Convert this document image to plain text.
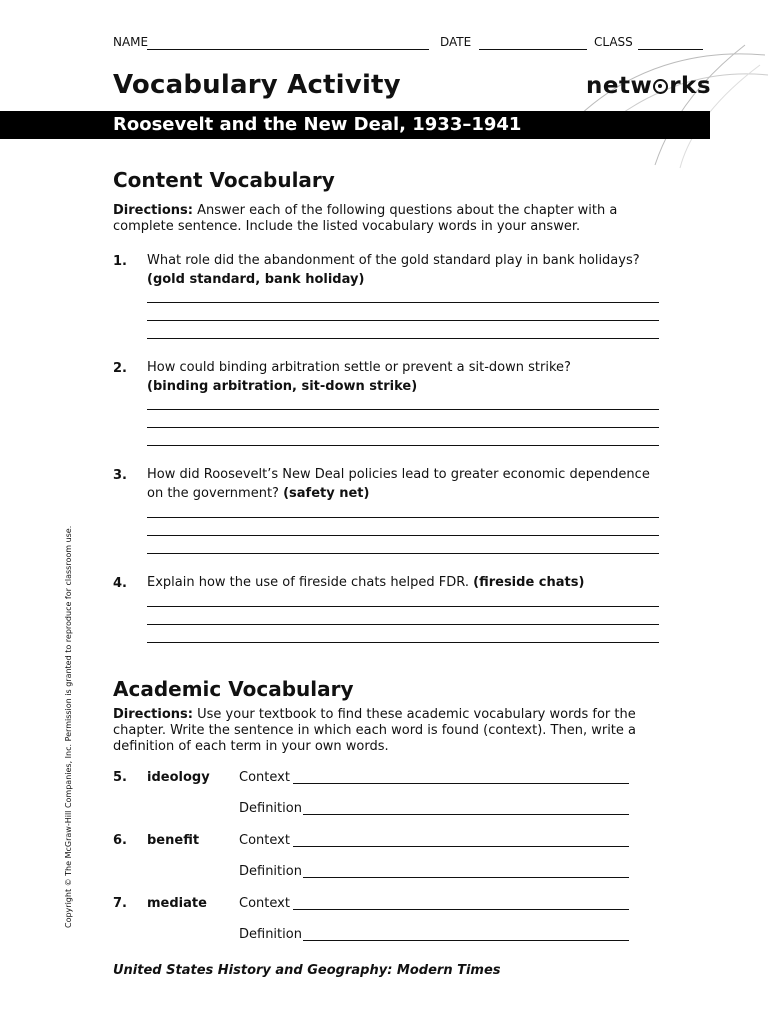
NAME	DATE	CLASS
Vocabulary Activity	netw rks
Roosevelt and the New Deal, 1933–1941
Content Vocabulary
Directions: Answer each of the following questions about the chapter with a complete sentence. Include the listed vocabulary words in your answer.
1. What role did the abandonment of the gold standard play in bank holidays?
(gold standard, bank holiday)
2. How could binding arbitration settle or prevent a sit-down strike?
(binding arbitration, sit-down strike)
3. How did Roosevelt’s New Deal policies lead to greater economic dependence on the government? (safety net)
4. Explain how the use of fireside chats helped FDR. (fireside chats)
Academic Vocabulary
Directions: Use your textbook to find these academic vocabulary words for the chapter. Write the sentence in which each word is found (context). Then, write a definition of each term in your own words.
5. ideology Context
Definition
6. benefit	Context
Definition
7. mediate Context
Definition
Copyright © The McGraw-Hill Companies, Inc. Permission is granted to reproduce for classroom use.
United States History and Geography: Modern Times
